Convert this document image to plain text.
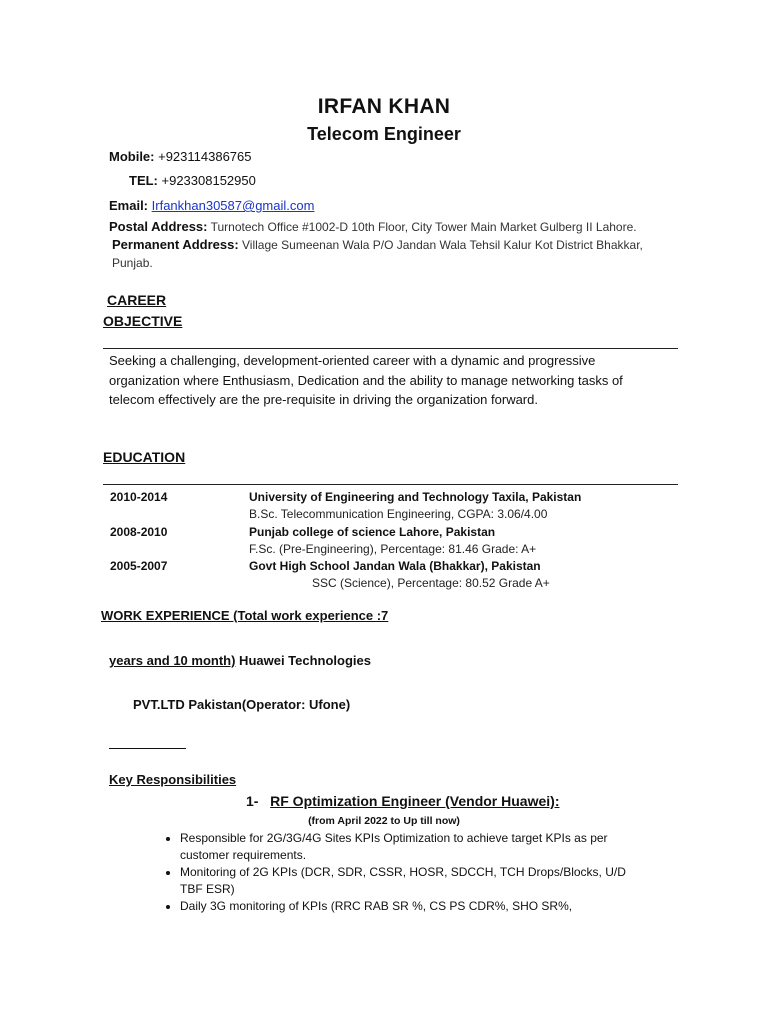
IRFAN KHAN
Telecom Engineer
Mobile: +923114386765
TEL: +923308152950
Email: Irfankhan30587@gmail.com
Postal Address: Turnotech Office #1002-D 10th Floor, City Tower Main Market Gulberg II Lahore.
Permanent Address: Village Sumeenan Wala P/O Jandan Wala Tehsil Kalur Kot District Bhakkar,
Punjab.
CAREER
OBJECTIVE
Seeking a challenging, development-oriented career with a dynamic and progressive organization where Enthusiasm, Dedication and the ability to manage networking tasks of telecom effectively are the pre-requisite in driving the organization forward.
EDUCATION
2010-2014	University of Engineering and Technology Taxila, Pakistan
B.Sc. Telecommunication Engineering, CGPA: 3.06/4.00
2008-2010	Punjab college of science Lahore, Pakistan
F.Sc. (Pre-Engineering), Percentage: 81.46 Grade: A+
2005-2007	Govt High School Jandan Wala (Bhakkar), Pakistan
SSC (Science), Percentage: 80.52 Grade A+
WORK EXPERIENCE (Total work experience :7
years and 10 month) Huawei Technologies
PVT.LTD Pakistan(Operator: Ufone)
Key Responsibilities
1- RF Optimization Engineer (Vendor Huawei):
(from April 2022 to Up till now)
• Responsible for 2G/3G/4G Sites KPIs Optimization to achieve target KPIs as per customer requirements.
• Monitoring of 2G KPIs (DCR, SDR, CSSR, HOSR, SDCCH, TCH Drops/Blocks, U/D TBF ESR)
• Daily 3G monitoring of KPIs (RRC RAB SR %, CS PS CDR%, SHO SR%,
